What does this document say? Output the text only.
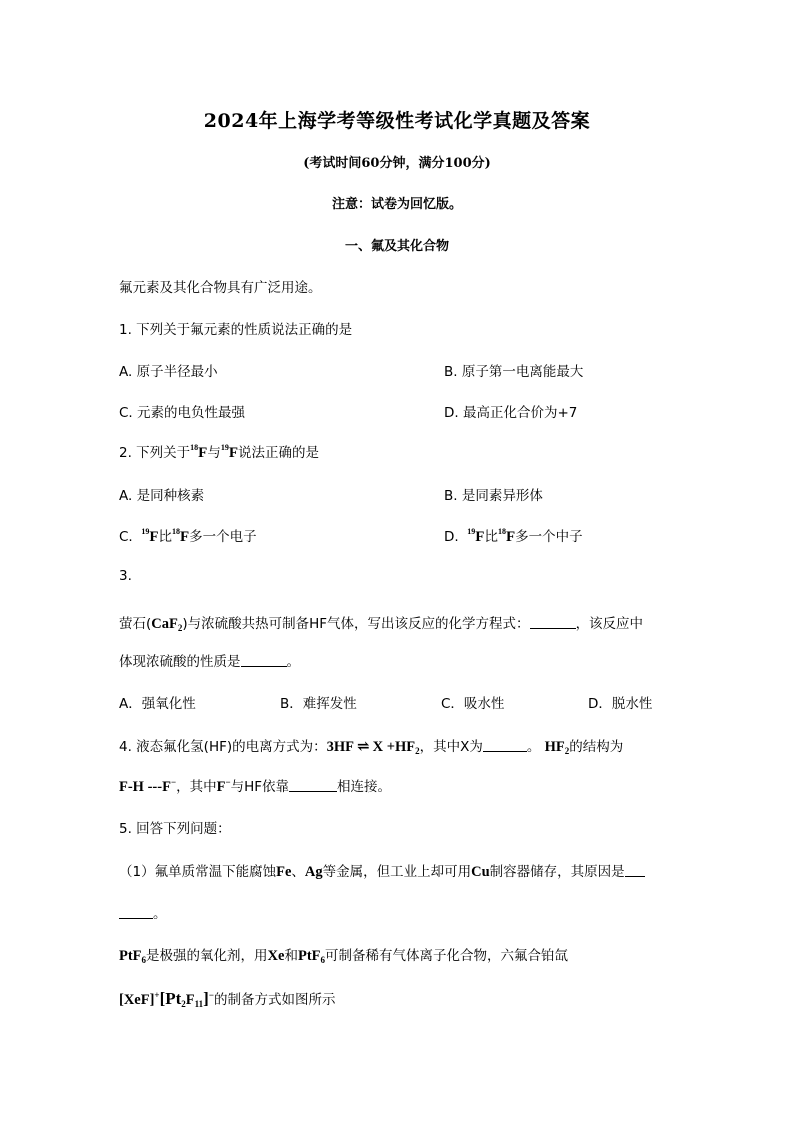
2024年上海学考等级性考试化学真题及答案
(考试时间60分钟，满分100分)
注意：试卷为回忆版。
一、氟及其化合物
氟元素及其化合物具有广泛用途。
1. 下列关于氟元素的性质说法正确的是
A. 原子半径最小	B. 原子第一电离能最大
C. 元素的电负性最强	D. 最高正化合价为+7
2. 下列关于$^{18}$F与$^{19}$F说法正确的是
A. 是同种核素	B. 是同素异形体
C. $^{19}$F比$^{18}$F多一个电子	D. $^{19}$F比$^{18}$F多一个中子
3.
萤石(CaF$_2$)与浓硫酸共热可制备HF气体，写出该反应的化学方程式：	，该反应中
体现浓硫酸的性质是	。
A．强氧化性	B．难挥发性	C．吸水性	D．脱水性
4. 液态氟化氢(HF)的电离方式为：3HF ⇌ $X +HF_2$，其中X为	。 $HF_2$的结构为
F-H ---F−，其中F−与HF依靠	相连接。
5. 回答下列问题：
（1）氟单质常温下能腐蚀Fe、Ag等金属，但工业上却可用Cu制容器储存，其原因是
。
PtF$_6$是极强的氧化剂，用Xe和PtF$_6$可制备稀有气体离子化合物，六氟合铂氙
$[XeF]^+[Pt_2F_{11}]^-$的制备方式如图所示
